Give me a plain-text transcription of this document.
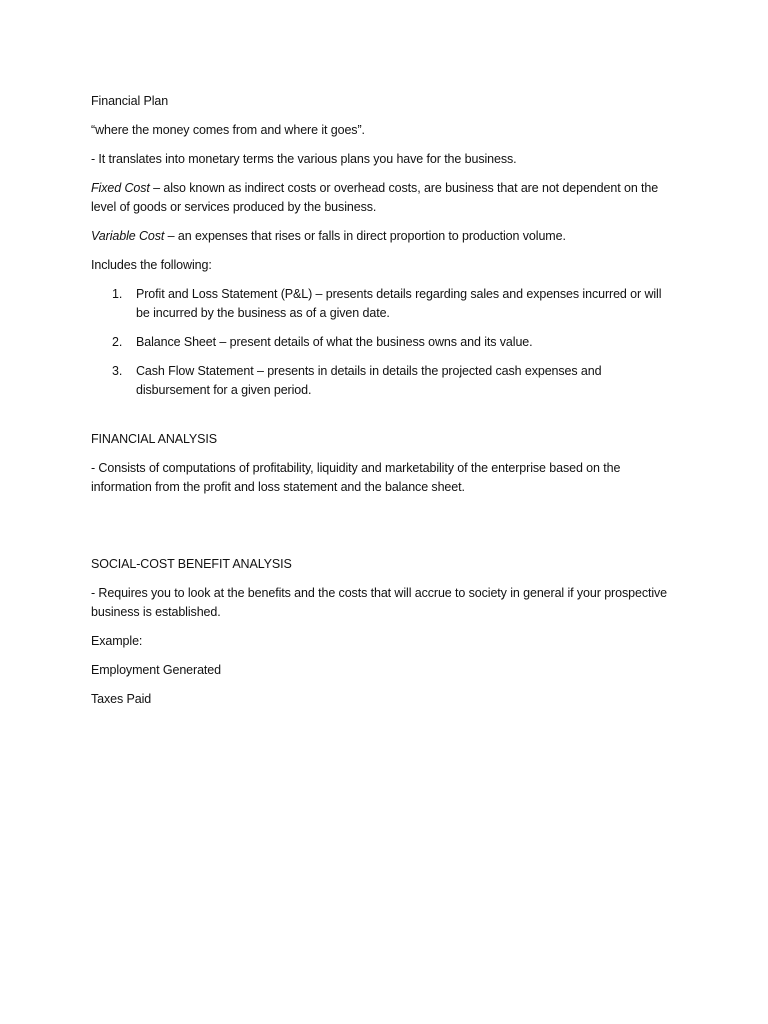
Financial Plan

“where the money comes from and where it goes”.

- It translates into monetary terms the various plans you have for the business.

Fixed Cost – also known as indirect costs or overhead costs, are business that are not dependent on the level of goods or services produced by the business.

Variable Cost – an expenses that rises or falls in direct proportion to production volume.

Includes the following:

1. Profit and Loss Statement (P&L) – presents details regarding sales and expenses incurred or will be incurred by the business as of a given date.
2. Balance Sheet – present details of what the business owns and its value.
3. Cash Flow Statement – presents in details in details the projected cash expenses and disbursement for a given period.

FINANCIAL ANALYSIS

- Consists of computations of profitability, liquidity and marketability of the enterprise based on the information from the profit and loss statement and the balance sheet.

SOCIAL-COST BENEFIT ANALYSIS

- Requires you to look at the benefits and the costs that will accrue to society in general if your prospective business is established.

Example:

Employment Generated

Taxes Paid
